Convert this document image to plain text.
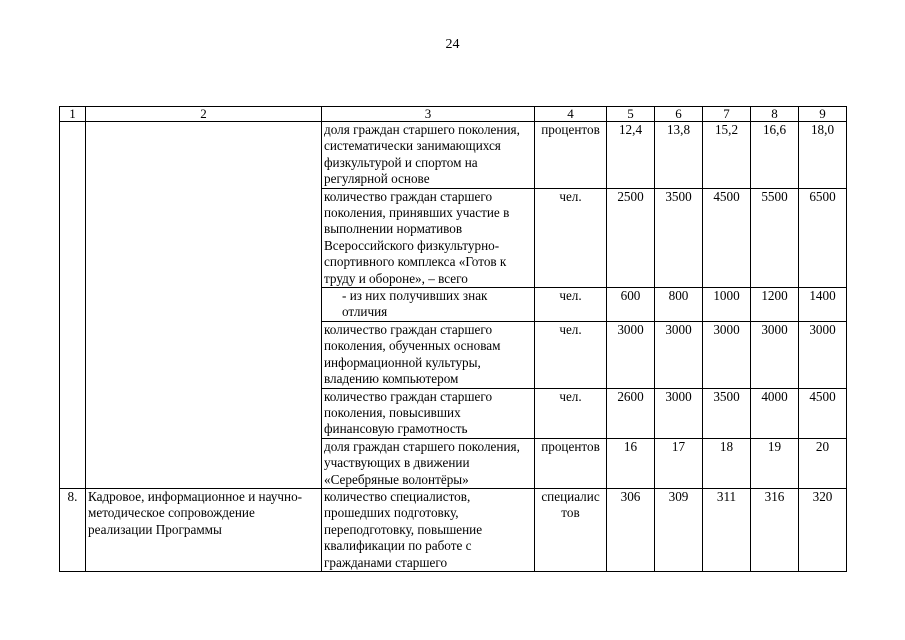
24
1	2	3	4	5	6	7	8	9
		доля граждан старшего поколения, систематически занимающихся физкультурой и спортом на регулярной основе	процентов	12,4	13,8	15,2	16,6	18,0
		количество граждан старшего поколения, принявших участие в выполнении нормативов Всероссийского физкультурно-спортивного комплекса «Готов к труду и обороне», – всего	чел.	2500	3500	4500	5500	6500
		- из них получивших знак отличия	чел.	600	800	1000	1200	1400
		количество граждан старшего поколения, обученных основам информационной культуры, владению компьютером	чел.	3000	3000	3000	3000	3000
		количество граждан старшего поколения, повысивших финансовую грамотность	чел.	2600	3000	3500	4000	4500
		доля граждан старшего поколения, участвующих в движении «Серебряные волонтёры»	процентов	16	17	18	19	20
8.	Кадровое, информационное и научно-методическое сопровождение реализации Программы	количество специалистов, прошедших подготовку, переподготовку, повышение квалификации по работе с гражданами старшего	специалис тов	306	309	311	316	320
